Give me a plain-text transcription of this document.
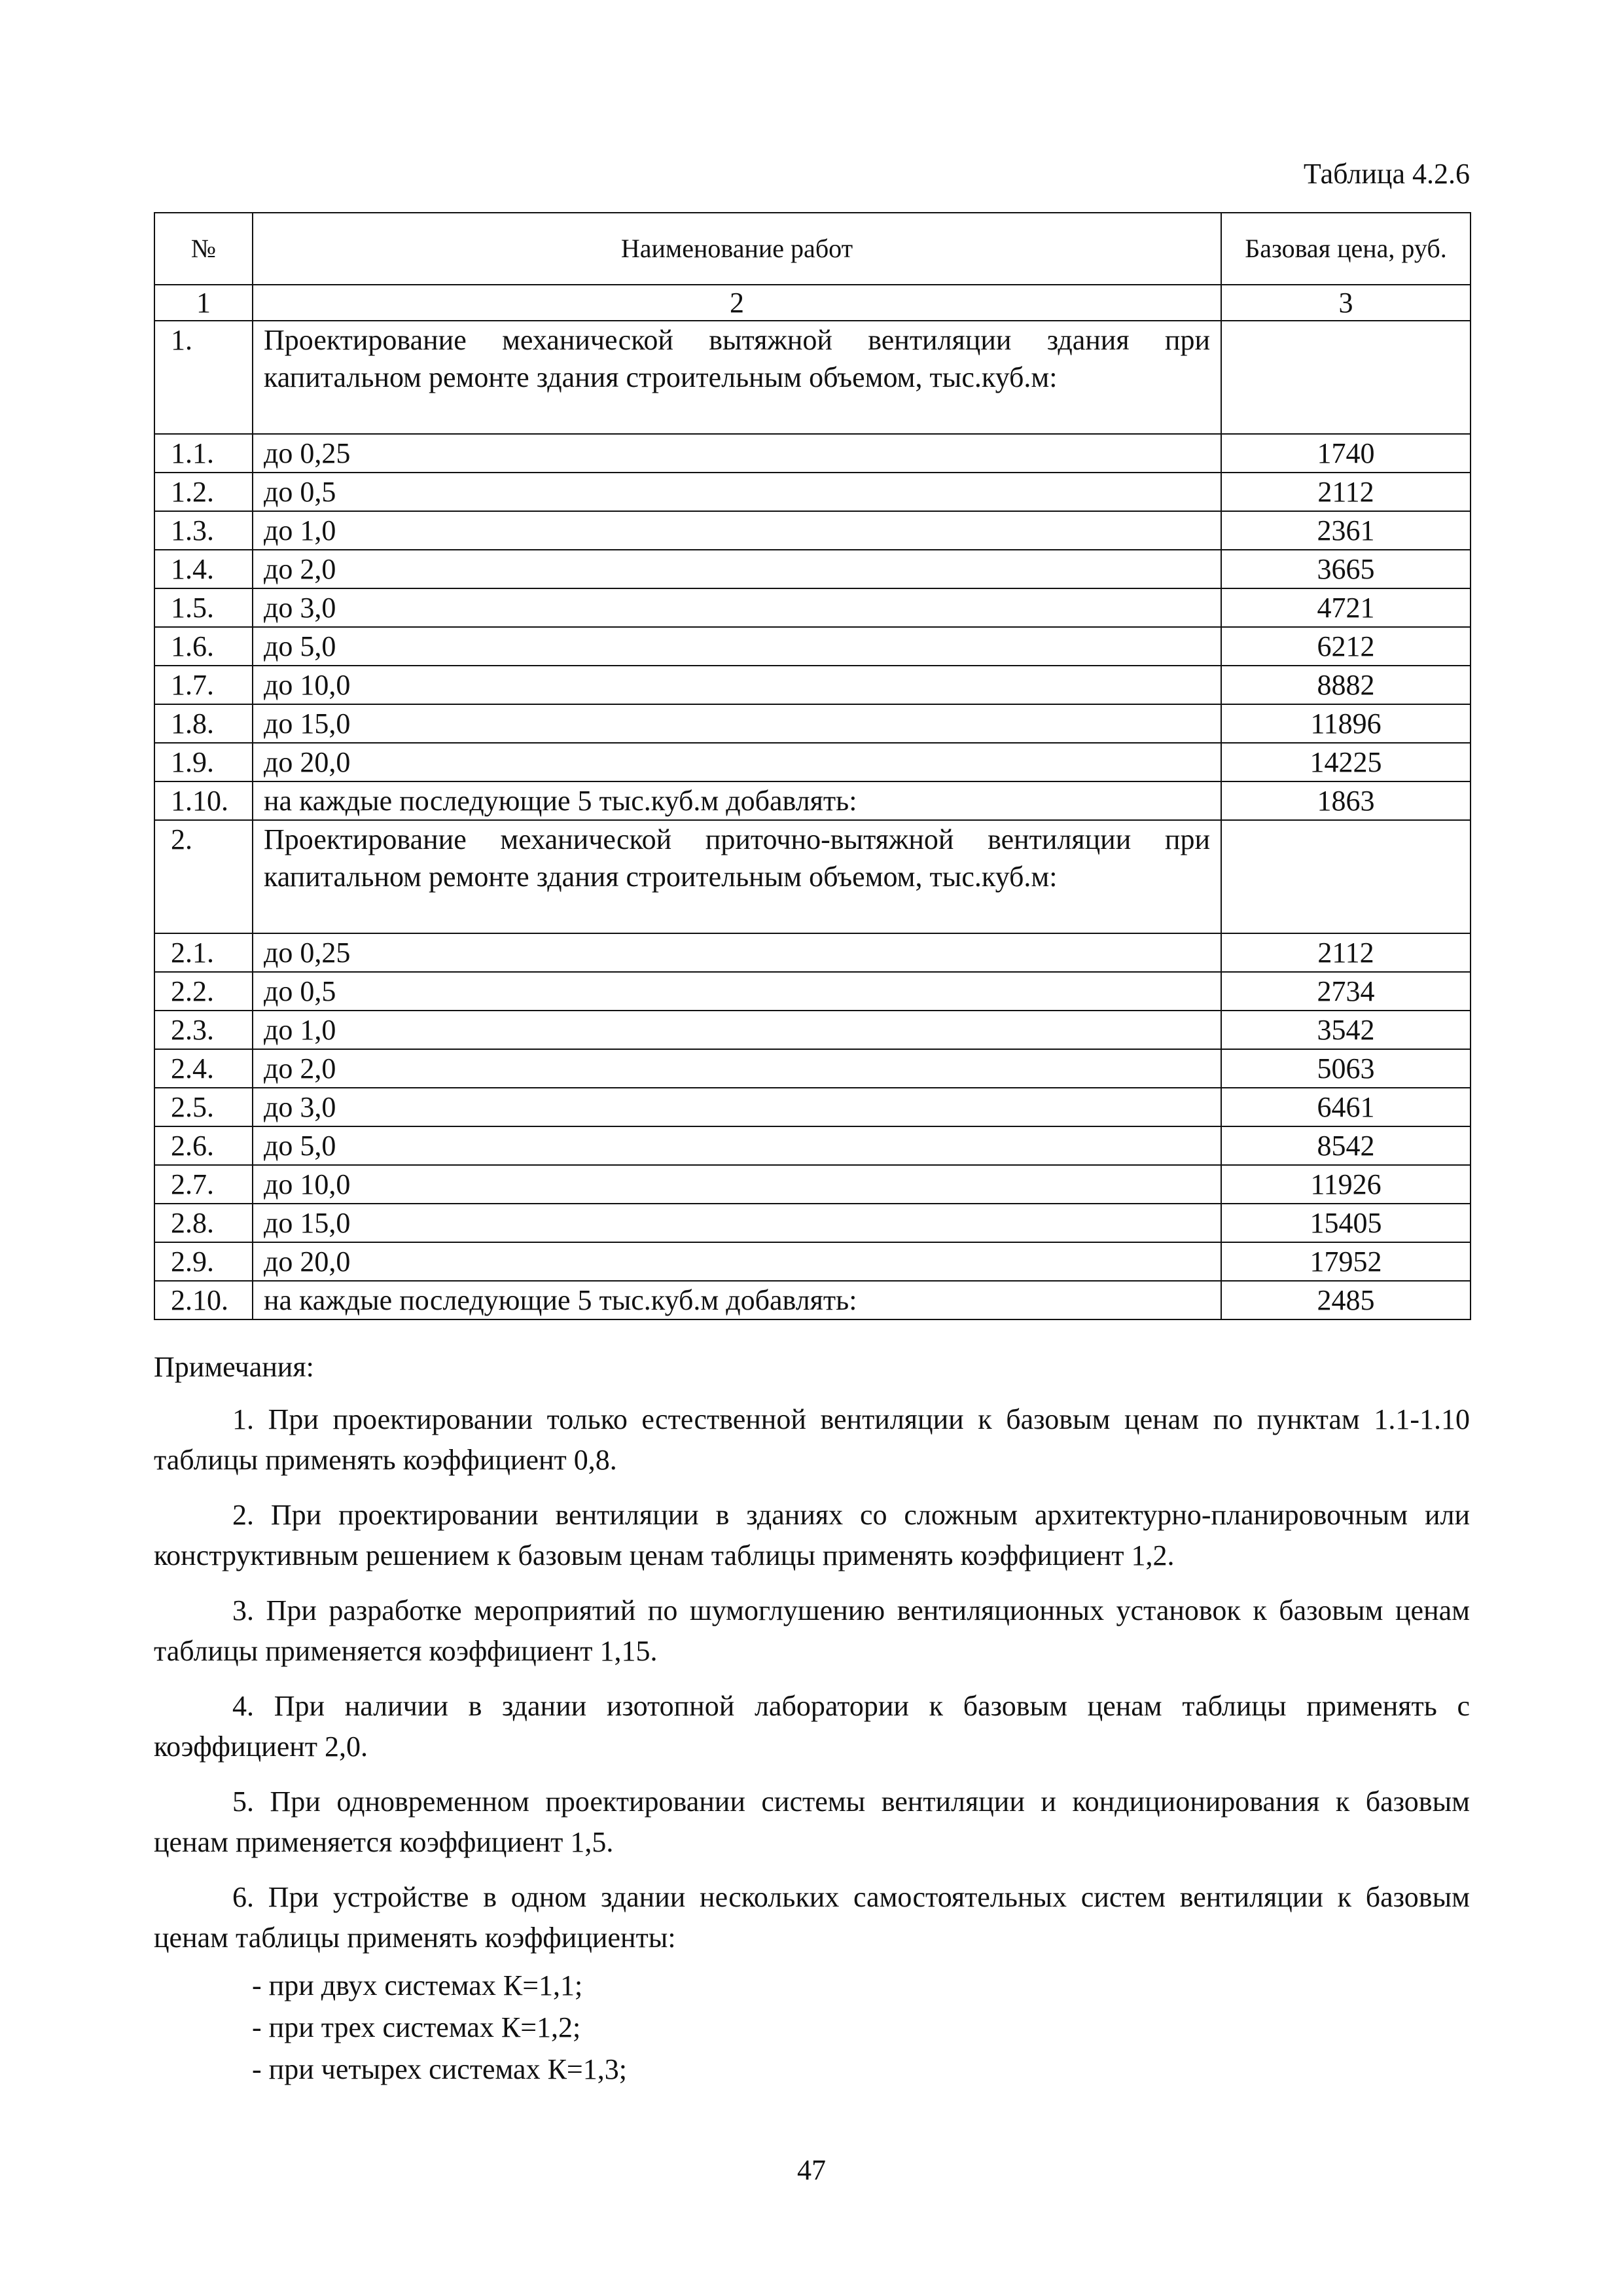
Таблица 4.2.6
№	Наименование работ	Базовая цена, руб.
1	2	3
1.	Проектирование механической вытяжной вентиляции здания при капитальном ремонте здания строительным объемом, тыс.куб.м:	
1.1.	до 0,25	1740
1.2.	до 0,5	2112
1.3.	до 1,0	2361
1.4.	до 2,0	3665
1.5.	до 3,0	4721
1.6.	до 5,0	6212
1.7.	до 10,0	8882
1.8.	до 15,0	11896
1.9.	до 20,0	14225
1.10.	на каждые последующие 5 тыс.куб.м добавлять:	1863
2.	Проектирование механической приточно-вытяжной вентиляции при капитальном ремонте здания строительным объемом, тыс.куб.м:	
2.1.	до 0,25	2112
2.2.	до 0,5	2734
2.3.	до 1,0	3542
2.4.	до 2,0	5063
2.5.	до 3,0	6461
2.6.	до 5,0	8542
2.7.	до 10,0	11926
2.8.	до 15,0	15405
2.9.	до 20,0	17952
2.10.	на каждые последующие 5 тыс.куб.м добавлять:	2485

Примечания:

1. При проектировании только естественной вентиляции к базовым ценам по пунктам 1.1-1.10 таблицы применять коэффициент 0,8.

2. При проектировании вентиляции в зданиях со сложным архитектурно-планировочным или конструктивным решением к базовым ценам таблицы применять коэффициент 1,2.

3. При разработке мероприятий по шумоглушению вентиляционных установок к базовым ценам таблицы применяется коэффициент 1,15.

4. При наличии в здании изотопной лаборатории к базовым ценам таблицы применять с коэффициент 2,0.

5. При одновременном проектировании системы вентиляции и кондиционирования к базовым ценам применяется коэффициент 1,5.

6. При устройстве в одном здании нескольких самостоятельных систем вентиляции к базовым ценам таблицы применять коэффициенты:

- при двух системах К=1,1;

- при трех системах К=1,2;

- при четырех системах К=1,3;

47
